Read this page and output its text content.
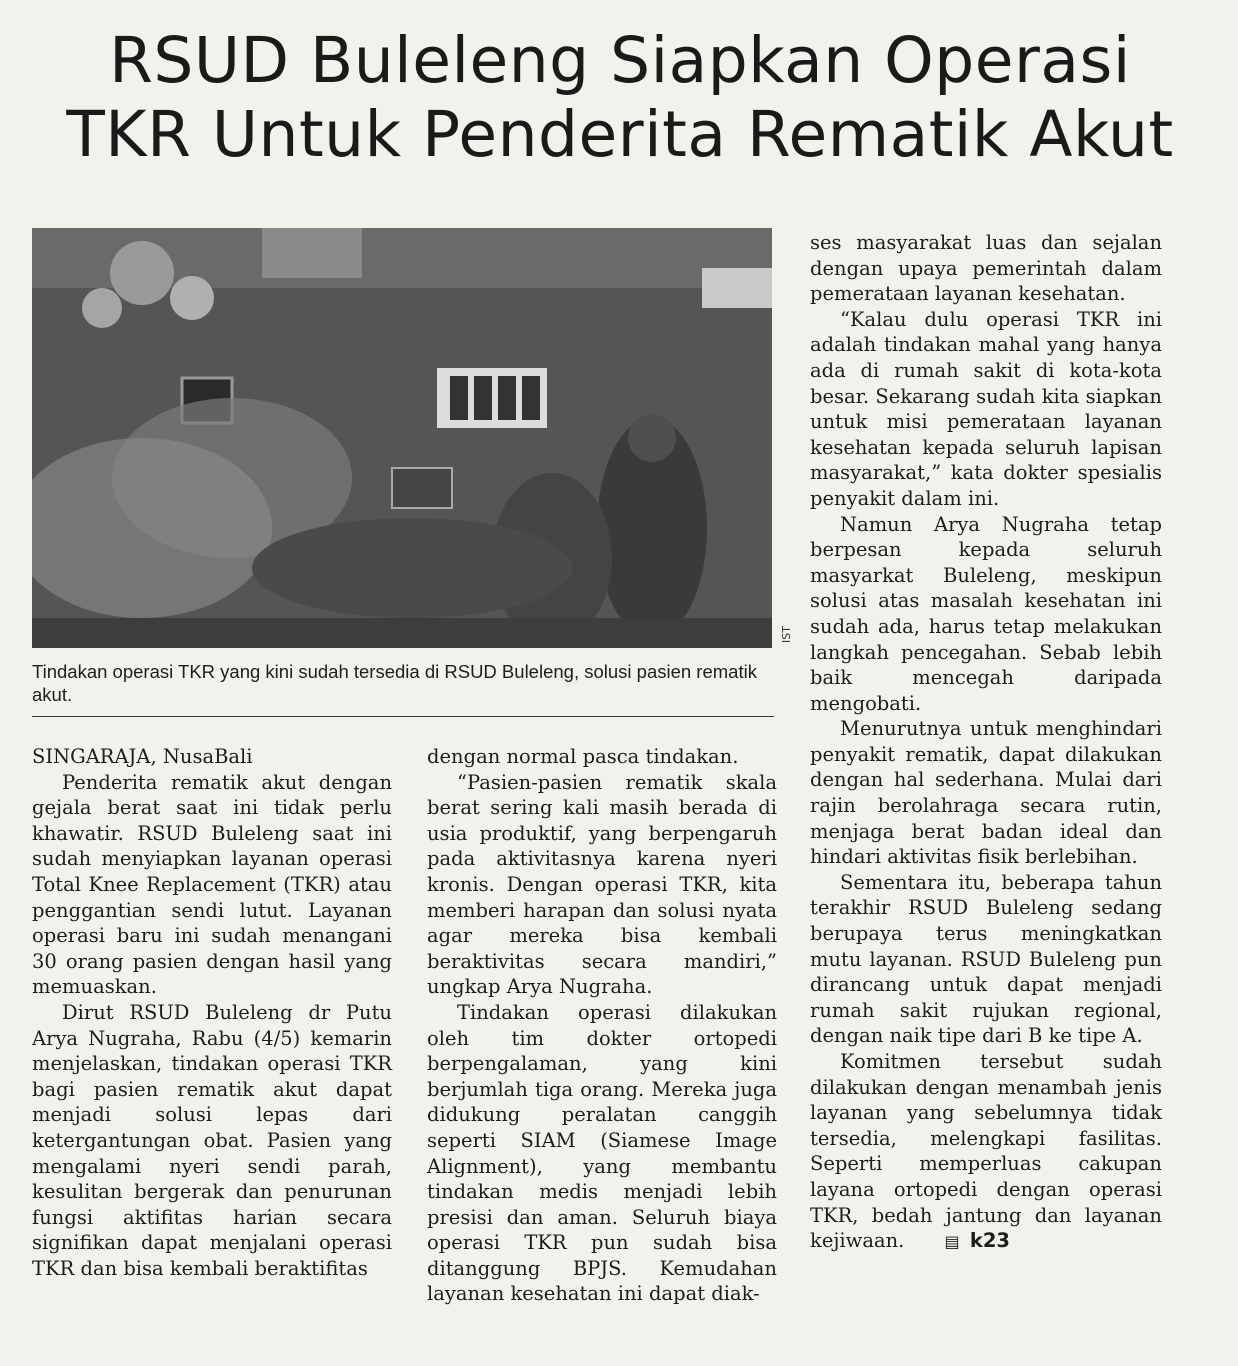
RSUD Buleleng Siapkan Operasi
TKR Untuk Penderita Rematik Akut
IST

Tindakan operasi TKR yang kini sudah tersedia di RSUD Buleleng, solusi pasien rematik akut.

SINGARAJA, NusaBali

Penderita rematik akut dengan gejala berat saat ini tidak perlu khawatir. RSUD Buleleng saat ini sudah menyiapkan layanan operasi Total Knee Replacement (TKR) atau penggantian sendi lutut. Layanan operasi baru ini sudah menangani 30 orang pasien dengan hasil yang memuaskan.

Dirut RSUD Buleleng dr Putu Arya Nugraha, Rabu (4/5) kemarin menjelaskan, tindakan operasi TKR bagi pasien rematik akut dapat menjadi solusi lepas dari ketergantungan obat. Pasien yang mengalami nyeri sendi parah, kesulitan bergerak dan penurunan fungsi aktifitas harian secara signifikan dapat menjalani operasi TKR dan bisa kembali beraktifitas

dengan normal pasca tindakan.

“Pasien-pasien rematik skala berat sering kali masih berada di usia produktif, yang berpengaruh pada aktivitasnya karena nyeri kronis. Dengan operasi TKR, kita memberi harapan dan solusi nyata agar mereka bisa kembali beraktivitas secara mandiri,” ungkap Arya Nugraha.

Tindakan operasi dilakukan oleh tim dokter ortopedi berpengalaman, yang kini berjumlah tiga orang. Mereka juga didukung peralatan canggih seperti SIAM (Siamese Image Alignment), yang membantu tindakan medis menjadi lebih presisi dan aman. Seluruh biaya operasi TKR pun sudah bisa ditanggung BPJS. Kemudahan layanan kesehatan ini dapat diak-

ses masyarakat luas dan sejalan dengan upaya pemerintah dalam pemerataan layanan kesehatan.

“Kalau dulu operasi TKR ini adalah tindakan mahal yang hanya ada di rumah sakit di kota-kota besar. Sekarang sudah kita siapkan untuk misi pemerataan layanan kesehatan kepada seluruh lapisan masyarakat,” kata dokter spesialis penyakit dalam ini.

Namun Arya Nugraha tetap berpesan kepada seluruh masyarkat Buleleng, meskipun solusi atas masalah kesehatan ini sudah ada, harus tetap melakukan langkah pencegahan. Sebab lebih baik mencegah daripada mengobati.

Menurutnya untuk menghindari penyakit rematik, dapat dilakukan dengan hal sederhana. Mulai dari rajin berolahraga secara rutin, menjaga berat badan ideal dan hindari aktivitas fisik berlebihan.

Sementara itu, beberapa tahun terakhir RSUD Buleleng sedang berupaya terus meningkatkan mutu layanan. RSUD Buleleng pun dirancang untuk dapat menjadi rumah sakit rujukan regional, dengan naik tipe dari B ke tipe A.

Komitmen tersebut sudah dilakukan dengan menambah jenis layanan yang sebelumnya tidak tersedia, melengkapi fasilitas. Seperti memperluas cakupan layana ortopedi dengan operasi TKR, bedah jantung dan layanan kejiwaan.	▤ k23
